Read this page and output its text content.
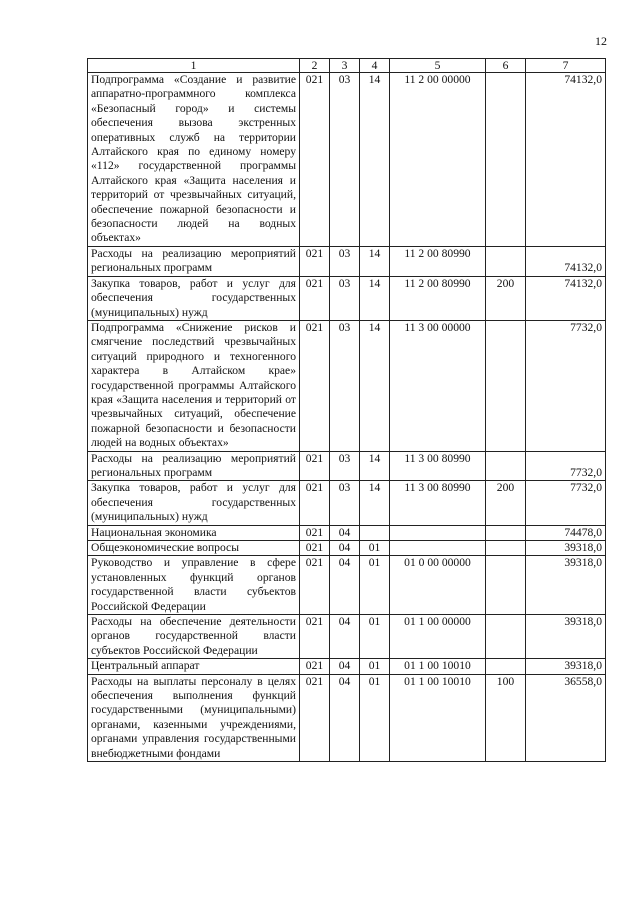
12
1	2	3	4	5	6	7
Подпрограмма «Создание и развитие аппаратно-программного комплекса «Безопасный город» и системы обеспечения вызова экстренных оперативных служб на территории Алтайского края по единому номеру «112» государственной программы Алтайского края «Защита населения и территорий от чрезвычайных ситуаций, обеспечение пожарной безопасности и безопасности людей на водных объектах»	021	03	14	11 2 00 00000		74132,0
Расходы на реализацию мероприятий региональных программ	021	03	14	11 2 00 80990		74132,0
Закупка товаров, работ и услуг для обеспечения государственных (муниципальных) нужд	021	03	14	11 2 00 80990	200	74132,0
Подпрограмма «Снижение рисков и смягчение последствий чрезвычайных ситуаций природного и техногенного характера в Алтайском крае» государственной программы Алтайского края «Защита населения и территорий от чрезвычайных ситуаций, обеспечение пожарной безопасности и безопасности людей на водных объектах»	021	03	14	11 3 00 00000		7732,0
Расходы на реализацию мероприятий региональных программ	021	03	14	11 3 00 80990		7732,0
Закупка товаров, работ и услуг для обеспечения государственных (муниципальных) нужд	021	03	14	11 3 00 80990	200	7732,0
Национальная экономика	021	04				74478,0
Общеэкономические вопросы	021	04	01			39318,0
Руководство и управление в сфере установленных функций органов государственной власти субъектов Российской Федерации	021	04	01	01 0 00 00000		39318,0
Расходы на обеспечение деятельности органов государственной власти субъектов Российской Федерации	021	04	01	01 1 00 00000		39318,0
Центральный аппарат	021	04	01	01 1 00 10010		39318,0
Расходы на выплаты персоналу в целях обеспечения выполнения функций государственными (муниципальными) органами, казенными учреждениями, органами управления государственными внебюджетными фондами	021	04	01	01 1 00 10010	100	36558,0
